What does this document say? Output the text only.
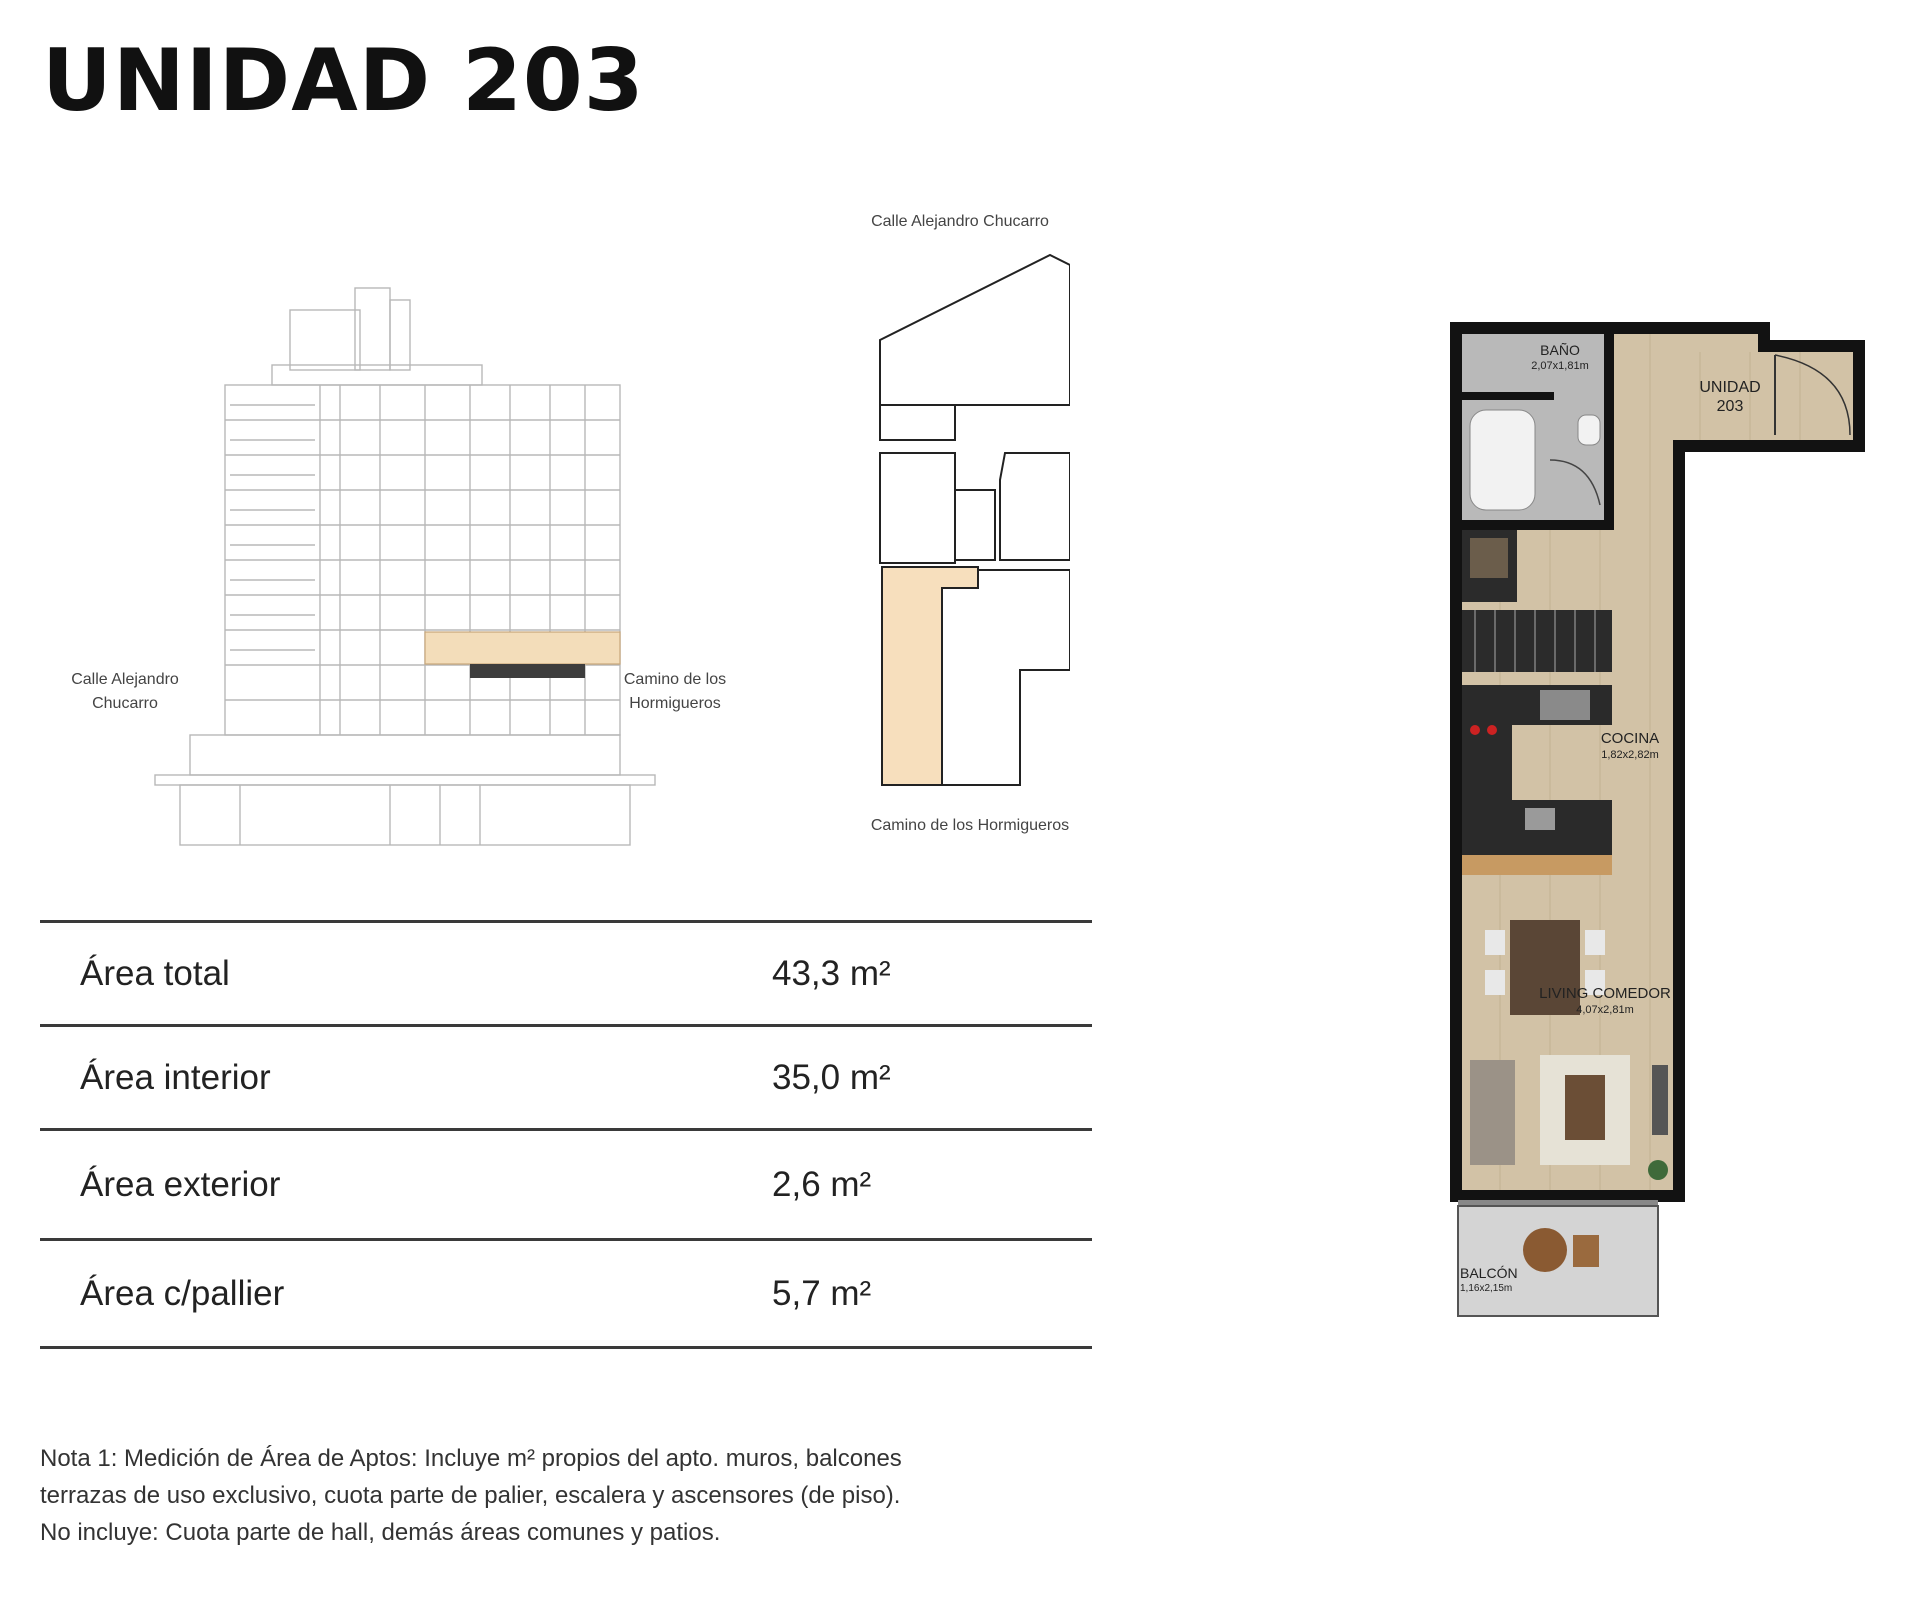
UNIDAD 203
Calle Alejandro
Chucarro
Camino de los
Hormigueros
Calle Alejandro Chucarro
Camino de los Hormigueros
Área total	43,3 m²
Área interior	35,0 m²
Área exterior	2,6 m²
Área c/pallier	5,7 m²

Nota 1: Medición de Área de Aptos: Incluye m² propios del apto. muros, balcones
terrazas de uso exclusivo, cuota parte de palier, escalera y ascensores (de piso).
No incluye: Cuota parte de hall, demás áreas comunes y patios.

BAÑO
2,07x1,81m
UNIDAD
203
COCINA
1,82x2,82m
LIVING COMEDOR
4,07x2,81m
BALCÓN
1,16x2,15m
